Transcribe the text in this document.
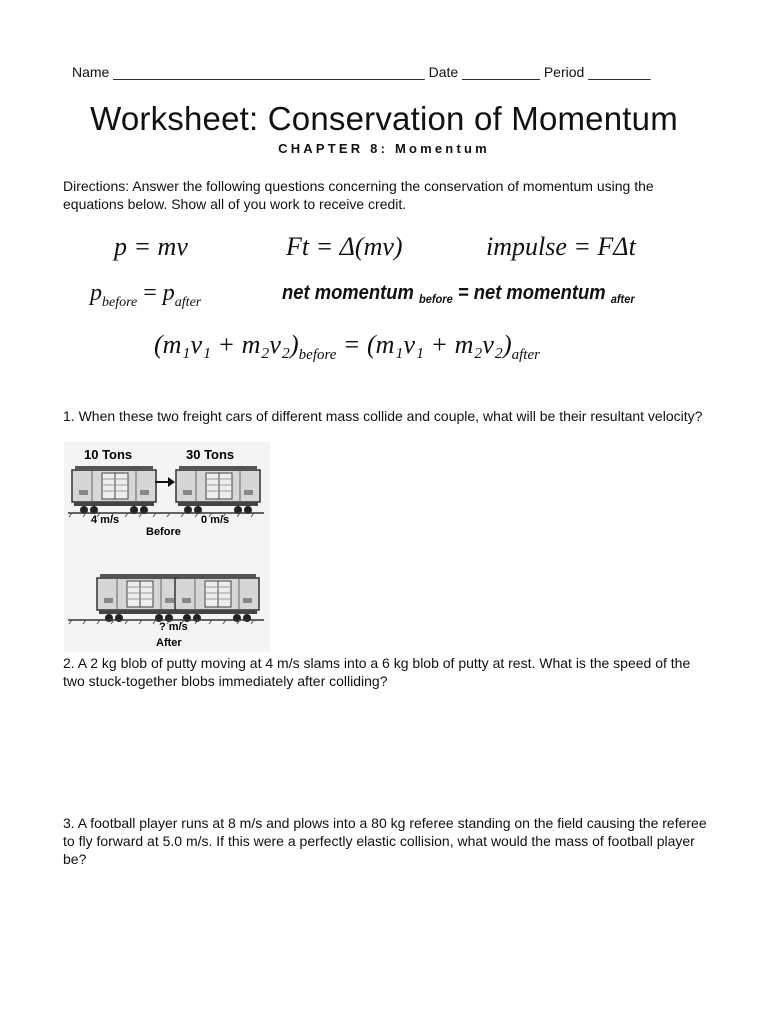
Name ________________________________________ Date __________ Period ________
Worksheet: Conservation of Momentum
CHAPTER 8: Momentum
Directions: Answer the following questions concerning the conservation of momentum using the equations below. Show all of you work to receive credit.
p = mv	Ft = Δ(mv)	impulse = FΔt
$p_{before} = p_{after}$	net momentum $_{before}$ = net momentum $_{after}$
$(m_1v_1 + m_2v_2)_{before} = (m_1v_1 + m_2v_2)_{after}$
1. When these two freight cars of different mass collide and couple, what will be their resultant velocity?
10 Tons	30 Tons
4 m/s	0 m/s
Before
? m/s
After
2. A 2 kg blob of putty moving at 4 m/s slams into a 6 kg blob of putty at rest. What is the speed of the two stuck-together blobs immediately after colliding?
3. A football player runs at 8 m/s and plows into a 80 kg referee standing on the field causing the referee to fly forward at 5.0 m/s. If this were a perfectly elastic collision, what would the mass of football player be?
